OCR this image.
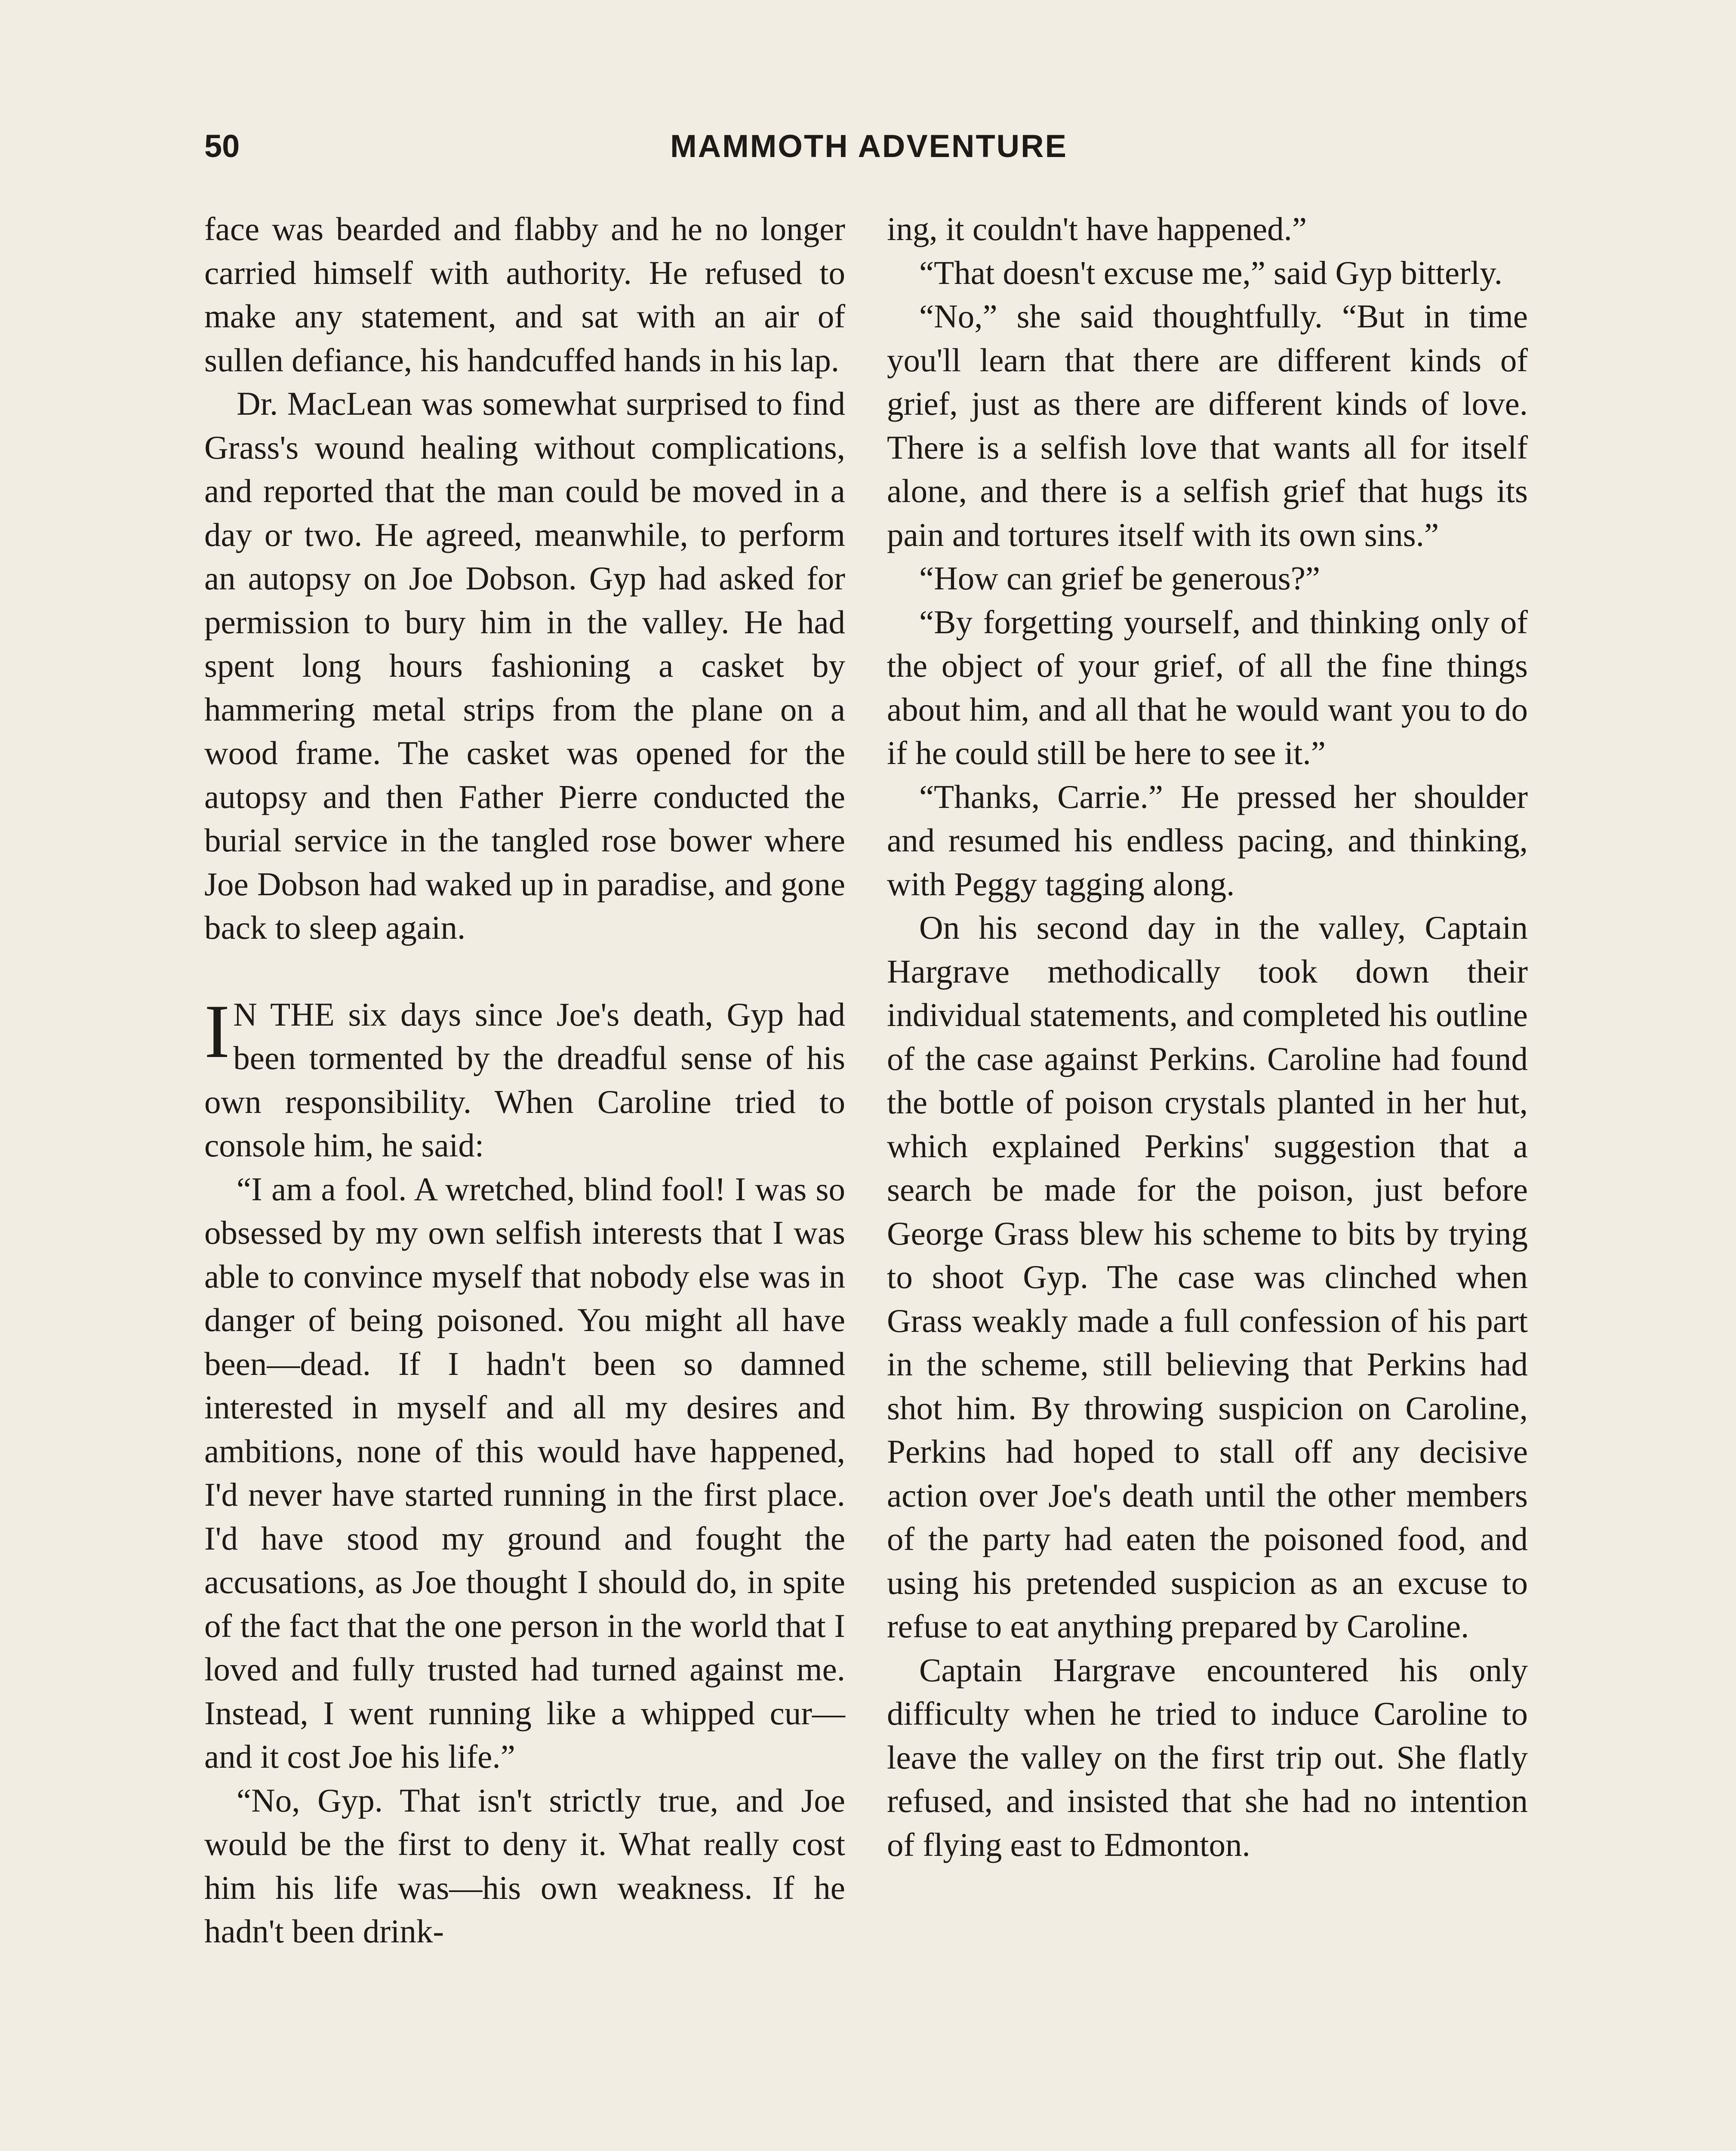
50	MAMMOTH ADVENTURE

face was bearded and flabby and he no longer carried himself with authority. He refused to make any statement, and sat with an air of sullen defiance, his handcuffed hands in his lap.

Dr. MacLean was somewhat surprised to find Grass's wound healing without complications, and reported that the man could be moved in a day or two. He agreed, meanwhile, to perform an autopsy on Joe Dobson. Gyp had asked for permission to bury him in the valley. He had spent long hours fashioning a casket by hammering metal strips from the plane on a wood frame. The casket was opened for the autopsy and then Father Pierre conducted the burial service in the tangled rose bower where Joe Dobson had waked up in paradise, and gone back to sleep again.

I N THE six days since Joe's death, Gyp had been tormented by the dreadful sense of his own responsibility. When Caroline tried to console him, he said:

“I am a fool. A wretched, blind fool! I was so obsessed by my own selfish interests that I was able to convince myself that nobody else was in danger of being poisoned. You might all have been—dead. If I hadn't been so damned interested in myself and all my desires and ambitions, none of this would have happened, I'd never have started running in the first place. I'd have stood my ground and fought the accusations, as Joe thought I should do, in spite of the fact that the one person in the world that I loved and fully trusted had turned against me. Instead, I went running like a whipped cur—and it cost Joe his life.”

“No, Gyp. That isn't strictly true, and Joe would be the first to deny it. What really cost him his life was—his own weakness. If he hadn't been drink-

ing, it couldn't have happened.”

“That doesn't excuse me,” said Gyp bitterly.

“No,” she said thoughtfully. “But in time you'll learn that there are different kinds of grief, just as there are different kinds of love. There is a selfish love that wants all for itself alone, and there is a selfish grief that hugs its pain and tortures itself with its own sins.”

“How can grief be generous?”

“By forgetting yourself, and thinking only of the object of your grief, of all the fine things about him, and all that he would want you to do if he could still be here to see it.”

“Thanks, Carrie.” He pressed her shoulder and resumed his endless pacing, and thinking, with Peggy tagging along.

On his second day in the valley, Captain Hargrave methodically took down their individual statements, and completed his outline of the case against Perkins. Caroline had found the bottle of poison crystals planted in her hut, which explained Perkins' suggestion that a search be made for the poison, just before George Grass blew his scheme to bits by trying to shoot Gyp. The case was clinched when Grass weakly made a full confession of his part in the scheme, still believing that Perkins had shot him. By throwing suspicion on Caroline, Perkins had hoped to stall off any decisive action over Joe's death until the other members of the party had eaten the poisoned food, and using his pretended suspicion as an excuse to refuse to eat anything prepared by Caroline.

Captain Hargrave encountered his only difficulty when he tried to induce Caroline to leave the valley on the first trip out. She flatly refused, and insisted that she had no intention of flying east to Edmonton.
